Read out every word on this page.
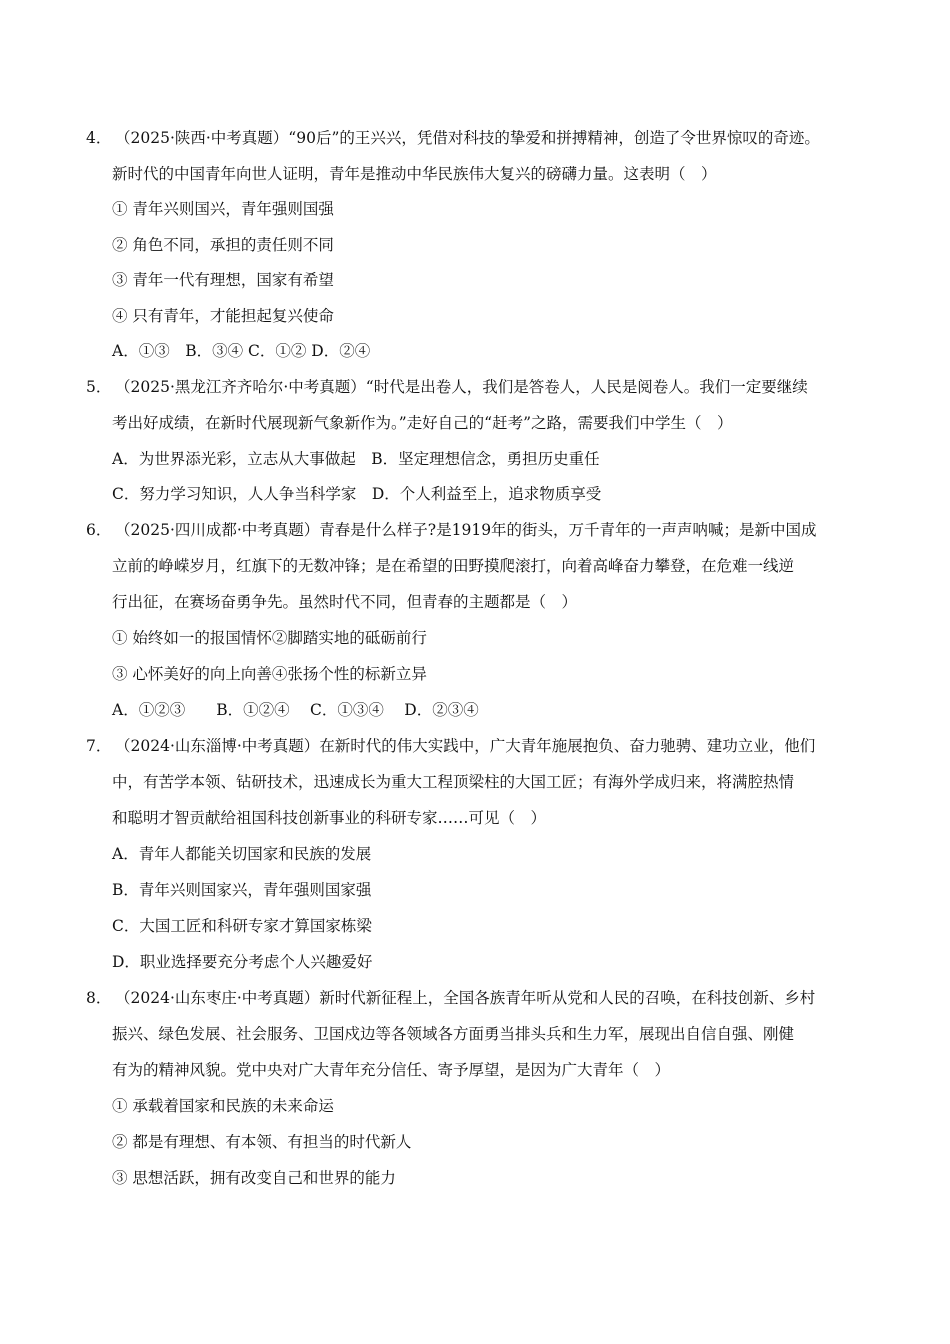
4． （2025·陕西·中考真题）“90后”的王兴兴，凭借对科技的挚爱和拼搏精神，创造了令世界惊叹的奇迹。
新时代的中国青年向世人证明，青年是推动中华民族伟大复兴的磅礴力量。这表明（　）
① 青年兴则国兴，青年强则国强
② 角色不同，承担的责任则不同
③ 青年一代有理想，国家有希望
④ 只有青年，才能担起复兴使命
A．①③　B．③④ C．①② D．②④
5． （2025·黑龙江齐齐哈尔·中考真题）“时代是出卷人，我们是答卷人，人民是阅卷人。我们一定要继续
考出好成绩，在新时代展现新气象新作为。”走好自己的“赶考”之路，需要我们中学生（　）
A．为世界添光彩，立志从大事做起　B．坚定理想信念，勇担历史重任
C．努力学习知识，人人争当科学家　D．个人利益至上，追求物质享受
6． （2025·四川成都·中考真题）青春是什么样子?是1919年的街头，万千青年的一声声呐喊；是新中国成
立前的峥嵘岁月，红旗下的无数冲锋；是在希望的田野摸爬滚打，向着高峰奋力攀登，在危难一线逆
行出征，在赛场奋勇争先。虽然时代不同，但青春的主题都是（　）
① 始终如一的报国情怀②脚踏实地的砥砺前行
③ 心怀美好的向上向善④张扬个性的标新立异
A．①②③　　B．①②④　 C．①③④　 D．②③④
7． （2024·山东淄博·中考真题）在新时代的伟大实践中，广大青年施展抱负、奋力驰骋、建功立业，他们
中，有苦学本领、钻研技术，迅速成长为重大工程顶梁柱的大国工匠；有海外学成归来，将满腔热情
和聪明才智贡献给祖国科技创新事业的科研专家……可见（　）
A．青年人都能关切国家和民族的发展
B．青年兴则国家兴，青年强则国家强
C．大国工匠和科研专家才算国家栋梁
D．职业选择要充分考虑个人兴趣爱好
8． （2024·山东枣庄·中考真题）新时代新征程上，全国各族青年听从党和人民的召唤，在科技创新、乡村
振兴、绿色发展、社会服务、卫国戍边等各领域各方面勇当排头兵和生力军，展现出自信自强、刚健
有为的精神风貌。党中央对广大青年充分信任、寄予厚望，是因为广大青年（　）
① 承载着国家和民族的未来命运
② 都是有理想、有本领、有担当的时代新人
③ 思想活跃，拥有改变自己和世界的能力
